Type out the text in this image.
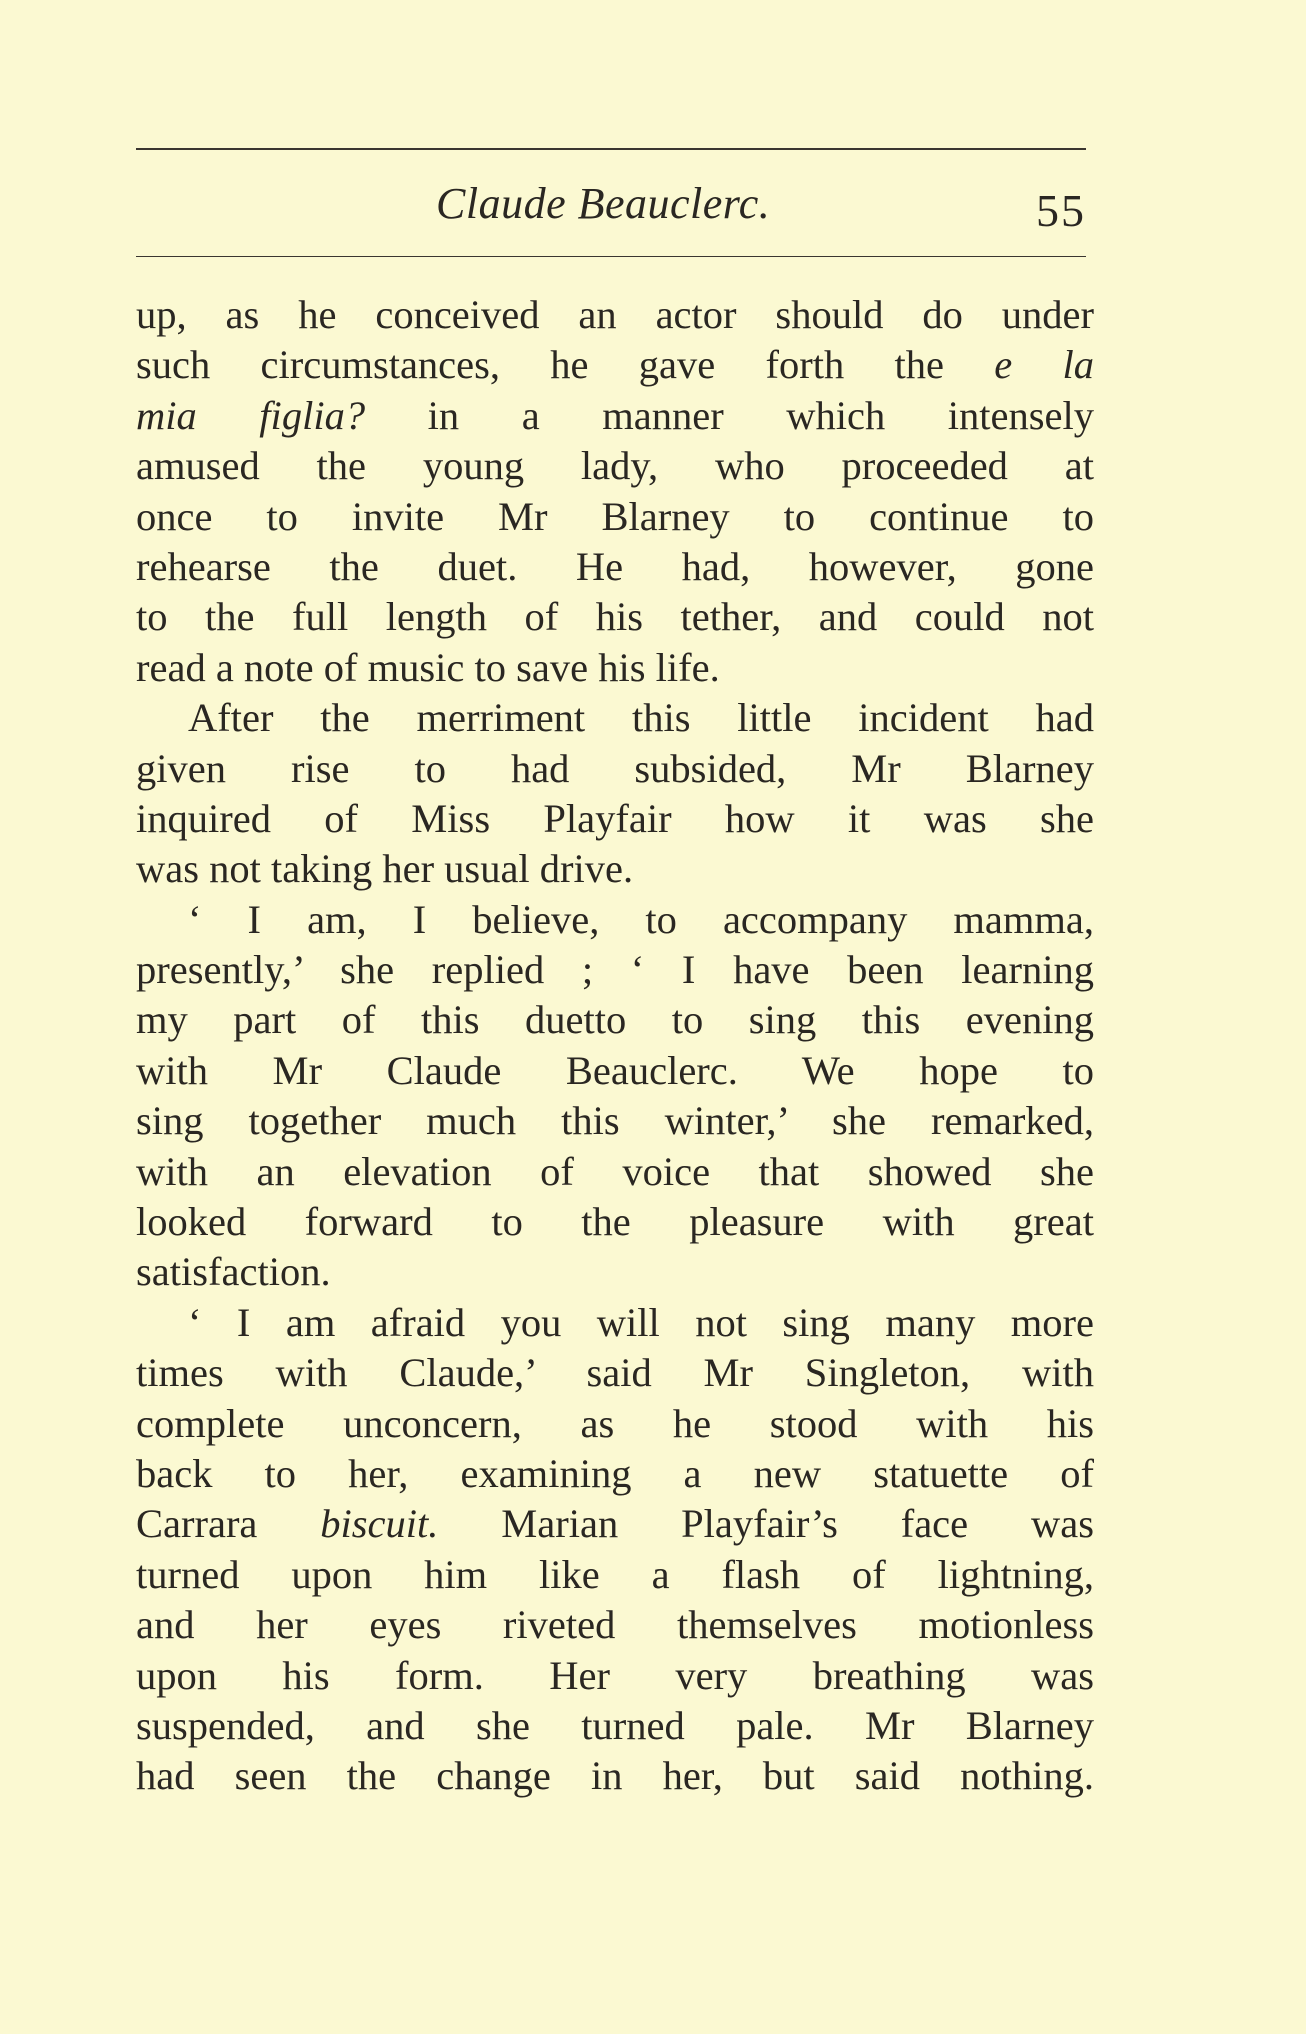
Claude Beauclerc.	55
up, as he conceived an actor should do under
such circumstances, he gave forth the e la
mia figlia? in a manner which intensely
amused the young lady, who proceeded at
once to invite Mr Blarney to continue to
rehearse the duet. He had, however, gone
to the full length of his tether, and could not
read a note of music to save his life.
After the merriment this little incident had
given rise to had subsided, Mr Blarney
inquired of Miss Playfair how it was she
was not taking her usual drive.
‘ I am, I believe, to accompany mamma,
presently,’ she replied ; ‘ I have been learning
my part of this duetto to sing this evening
with Mr Claude Beauclerc. We hope to
sing together much this winter,’ she remarked,
with an elevation of voice that showed she
looked forward to the pleasure with great
satisfaction.
‘ I am afraid you will not sing many more
times with Claude,’ said Mr Singleton, with
complete unconcern, as he stood with his
back to her, examining a new statuette of
Carrara biscuit. Marian Playfair’s face was
turned upon him like a flash of lightning,
and her eyes riveted themselves motionless
upon his form. Her very breathing was
suspended, and she turned pale. Mr Blarney
had seen the change in her, but said nothing.
